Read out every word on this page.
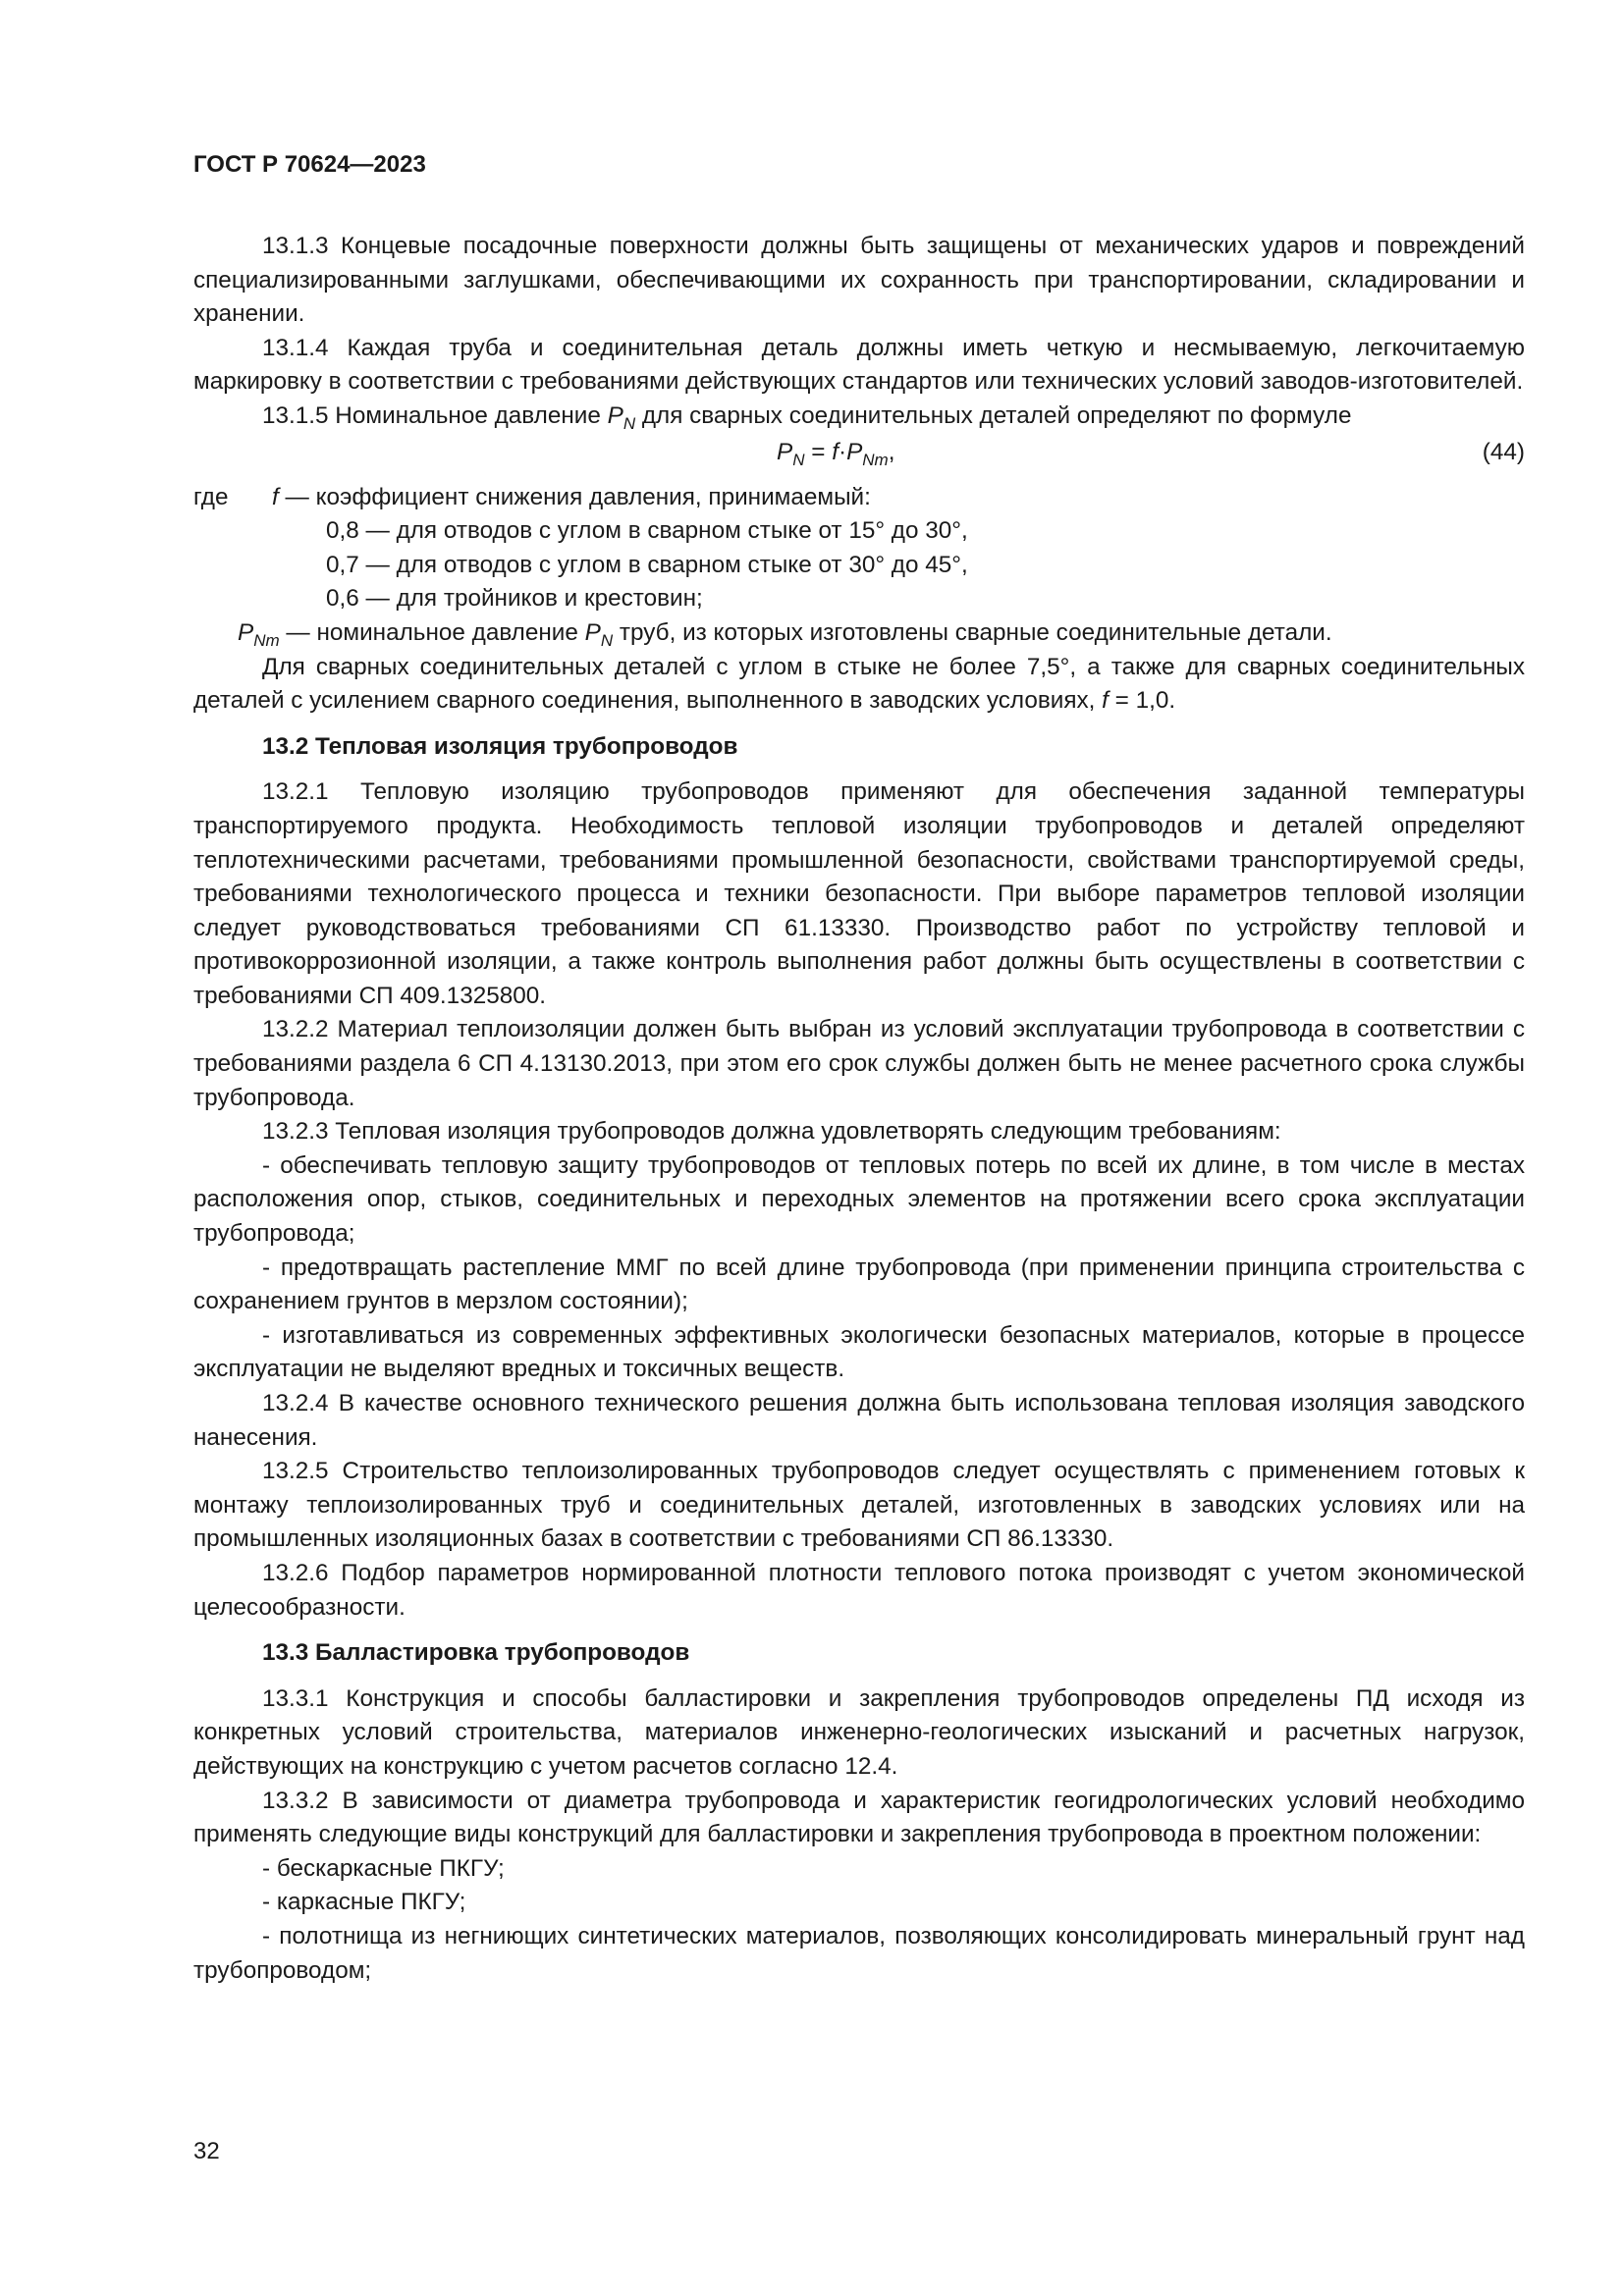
ГОСТ Р 70624—2023

13.1.3 Концевые посадочные поверхности должны быть защищены от механических ударов и повреждений специализированными заглушками, обеспечивающими их сохранность при транспортировании, складировании и хранении.

13.1.4 Каждая труба и соединительная деталь должны иметь четкую и несмываемую, легкочитаемую маркировку в соответствии с требованиями действующих стандартов или технических условий заводов-изготовителей.

13.1.5 Номинальное давление $P_N$ для сварных соединительных деталей определяют по формуле

$P_N = f\cdot P_{Nт}$,	(44)
где f — коэффициент снижения давления, принимаемый:
0,8 — для отводов с углом в сварном стыке от 15° до 30°,
0,7 — для отводов с углом в сварном стыке от 30° до 45°,
0,6 — для тройников и крестовин;
$P_{Nт}$ — номинальное давление $P_N$ труб, из которых изготовлены сварные соединительные детали.

Для сварных соединительных деталей с углом в стыке не более 7,5°, а также для сварных соединительных деталей с усилением сварного соединения, выполненного в заводских условиях, f = 1,0.

13.2 Тепловая изоляция трубопроводов

13.2.1 Тепловую изоляцию трубопроводов применяют для обеспечения заданной температуры транспортируемого продукта. Необходимость тепловой изоляции трубопроводов и деталей определяют теплотехническими расчетами, требованиями промышленной безопасности, свойствами транспортируемой среды, требованиями технологического процесса и техники безопасности. При выборе параметров тепловой изоляции следует руководствоваться требованиями СП 61.13330. Производство работ по устройству тепловой и противокоррозионной изоляции, а также контроль выполнения работ должны быть осуществлены в соответствии с требованиями СП 409.1325800.

13.2.2 Материал теплоизоляции должен быть выбран из условий эксплуатации трубопровода в соответствии с требованиями раздела 6 СП 4.13130.2013, при этом его срок службы должен быть не менее расчетного срока службы трубопровода.

13.2.3 Тепловая изоляция трубопроводов должна удовлетворять следующим требованиям:

- обеспечивать тепловую защиту трубопроводов от тепловых потерь по всей их длине, в том числе в местах расположения опор, стыков, соединительных и переходных элементов на протяжении всего срока эксплуатации трубопровода;

- предотвращать растепление ММГ по всей длине трубопровода (при применении принципа строительства с сохранением грунтов в мерзлом состоянии);

- изготавливаться из современных эффективных экологически безопасных материалов, которые в процессе эксплуатации не выделяют вредных и токсичных веществ.

13.2.4 В качестве основного технического решения должна быть использована тепловая изоляция заводского нанесения.

13.2.5 Строительство теплоизолированных трубопроводов следует осуществлять с применением готовых к монтажу теплоизолированных труб и соединительных деталей, изготовленных в заводских условиях или на промышленных изоляционных базах в соответствии с требованиями СП 86.13330.

13.2.6 Подбор параметров нормированной плотности теплового потока производят с учетом экономической целесообразности.

13.3 Балластировка трубопроводов

13.3.1 Конструкция и способы балластировки и закрепления трубопроводов определены ПД исходя из конкретных условий строительства, материалов инженерно-геологических изысканий и расчетных нагрузок, действующих на конструкцию с учетом расчетов согласно 12.4.

13.3.2 В зависимости от диаметра трубопровода и характеристик геогидрологических условий необходимо применять следующие виды конструкций для балластировки и закрепления трубопровода в проектном положении:

- бескаркасные ПКГУ;

- каркасные ПКГУ;

- полотнища из негниющих синтетических материалов, позволяющих консолидировать минеральный грунт над трубопроводом;

32
